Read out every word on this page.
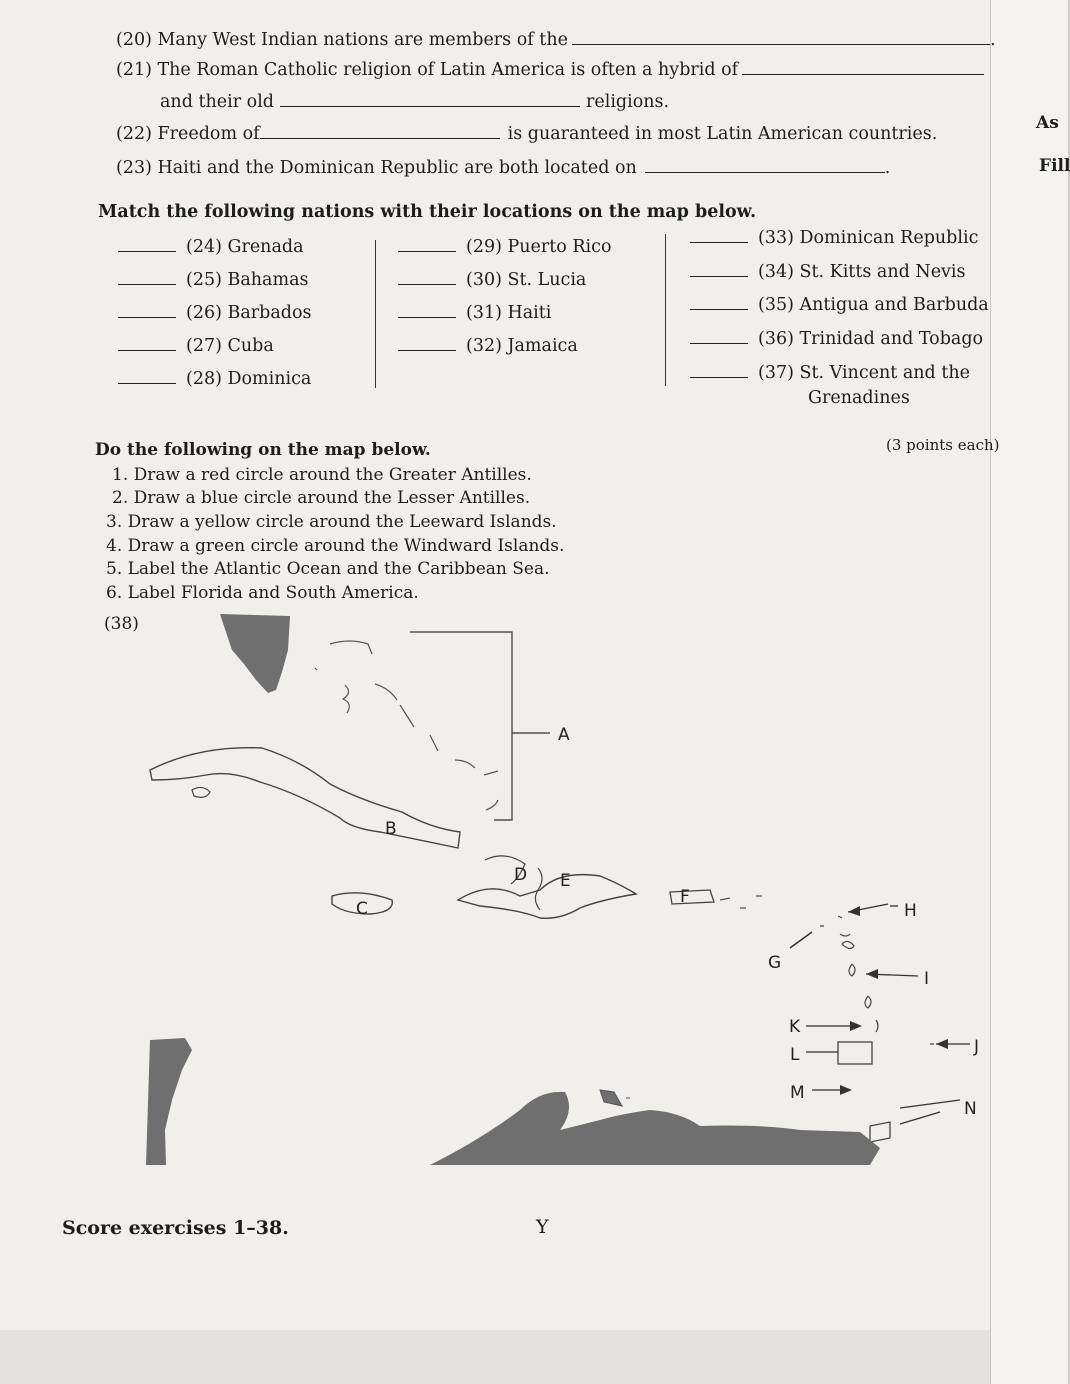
As
Fill
(20) Many West Indian nations are members of the	.
(21) The Roman Catholic religion of Latin America is often a hybrid of
and their old	religions.
(22) Freedom of	is guaranteed in most Latin American countries.
(23) Haiti and the Dominican Republic are both located on	.
Match the following nations with their locations on the map below.
(24) Grenada
(25) Bahamas
(26) Barbados
(27) Cuba
(28) Dominica
(29) Puerto Rico
(30) St. Lucia
(31) Haiti
(32) Jamaica
(33) Dominican Republic
(34) St. Kitts and Nevis
(35) Antigua and Barbuda
(36) Trinidad and Tobago
(37) St. Vincent and the
Grenadines
Do the following on the map below.	(3 points each)
1. Draw a red circle around the Greater Antilles.
2. Draw a blue circle around the Lesser Antilles.
3. Draw a yellow circle around the Leeward Islands.
4. Draw a green circle around the Windward Islands.
5. Label the Atlantic Ocean and the Caribbean Sea.
6. Label Florida and South America.
(38)
A
B
C
D E
F
G
H
I
J
K
L
M
N
Score exercises 1–38.	Y
